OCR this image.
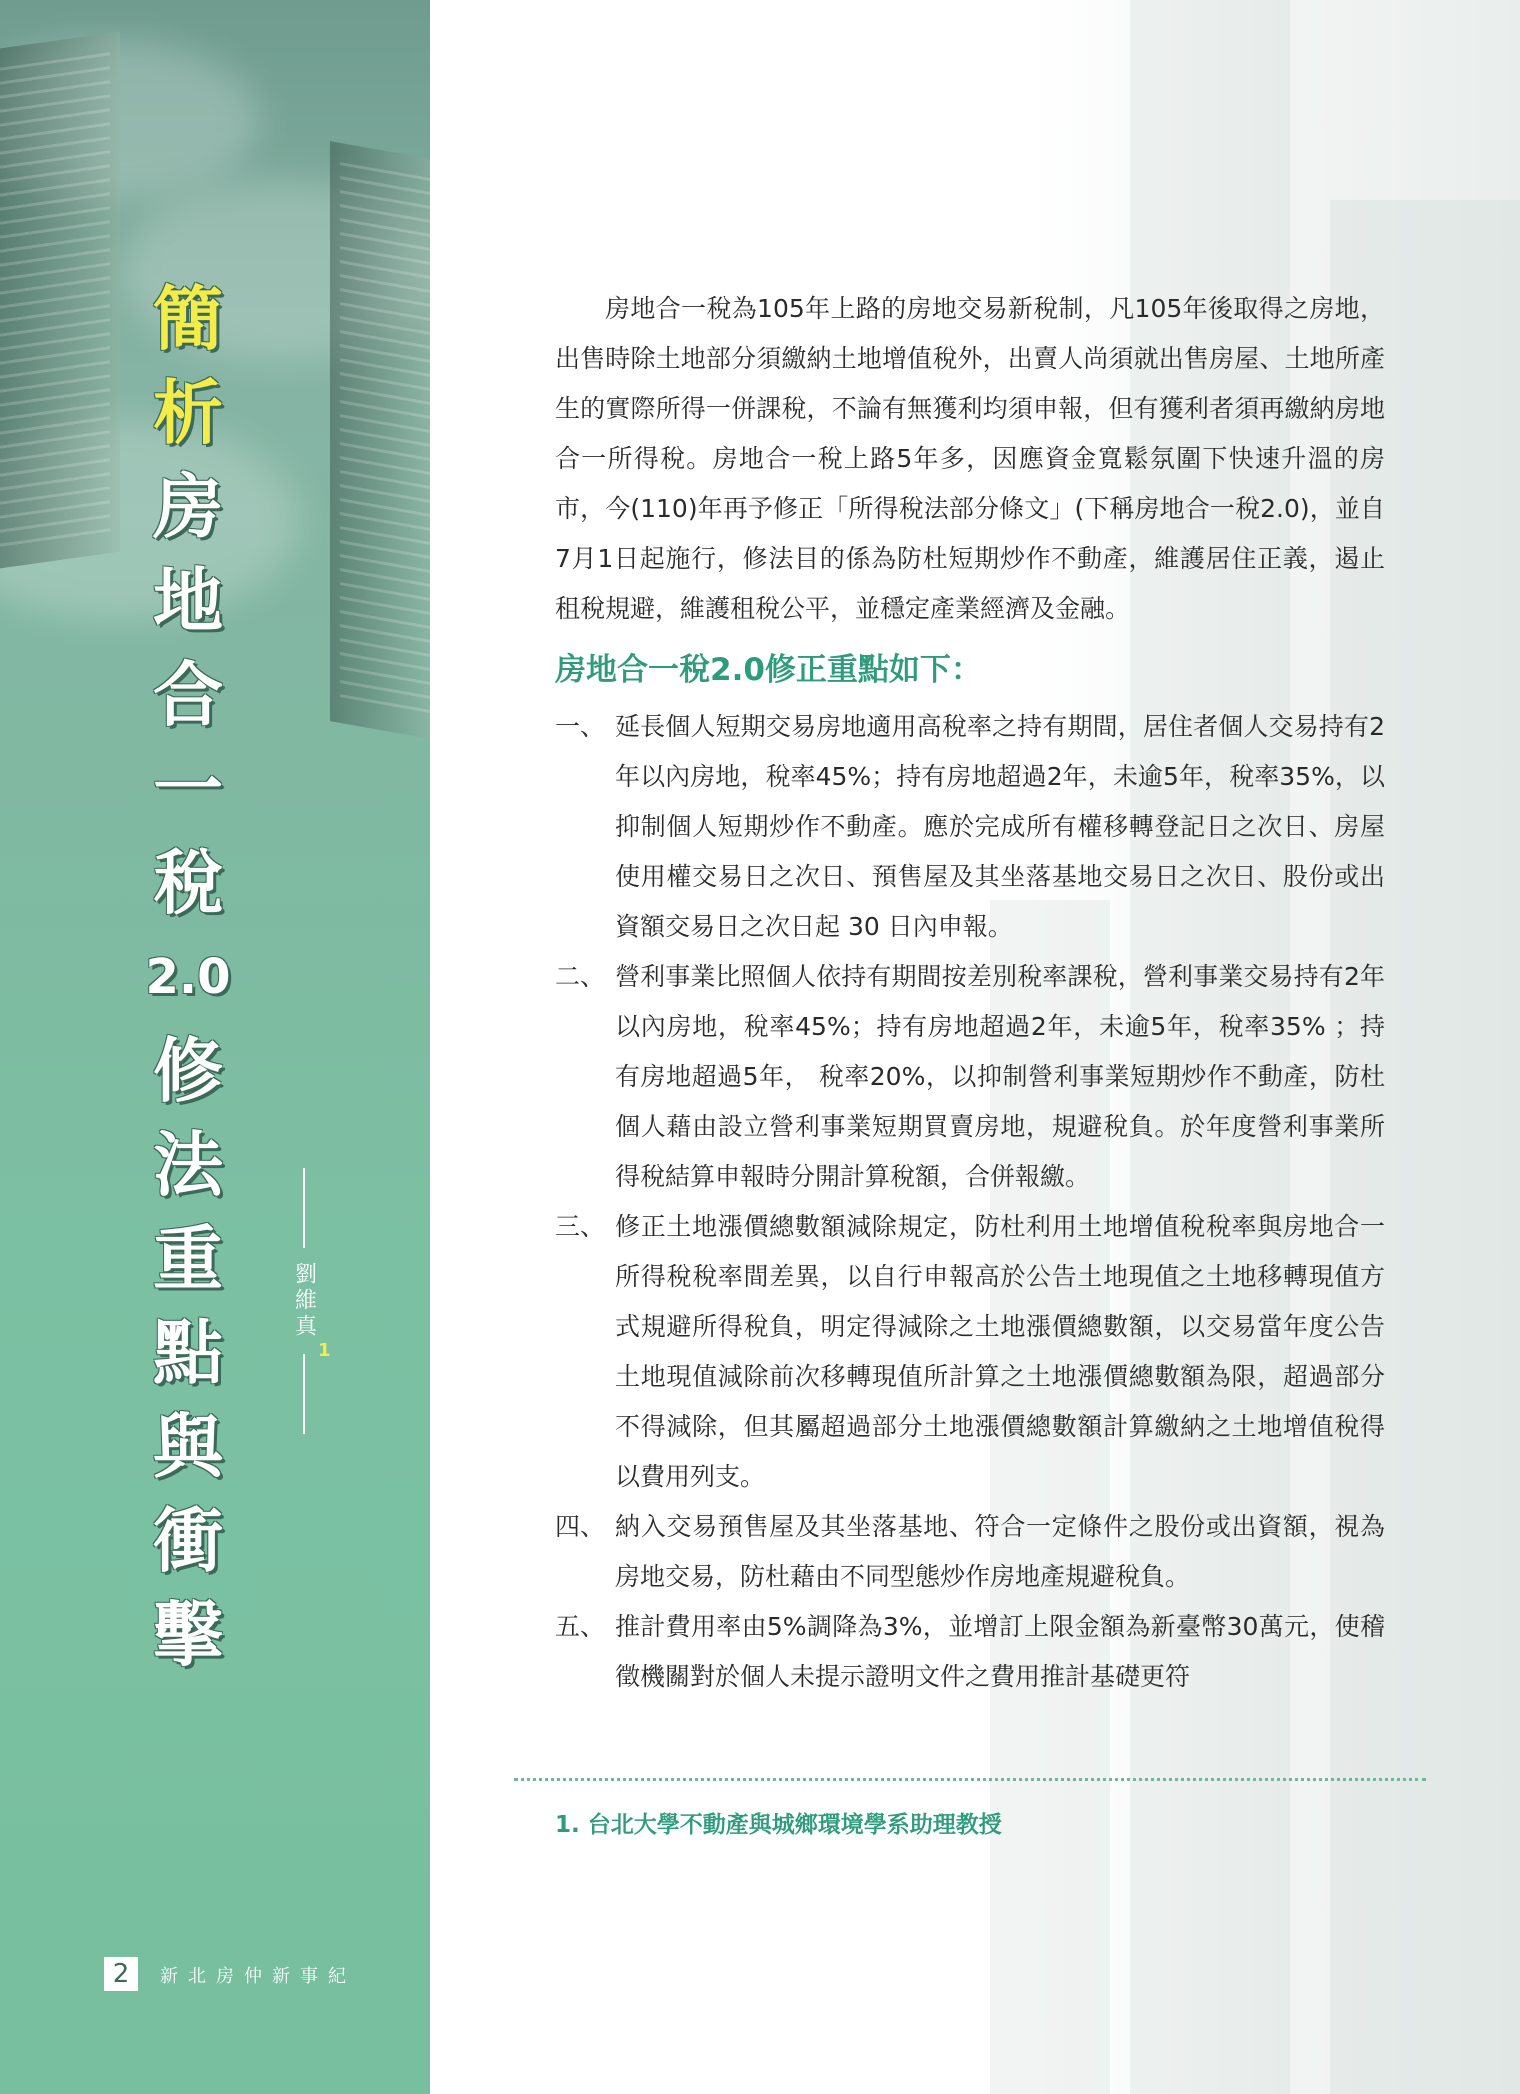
簡
析
房
地
合
一
稅
2.0
修
法
重
點
與
衝
擊
劉維真
1
2	新北房仲新事紀

房地合一稅為105年上路的房地交易新稅制，凡105年後取得之房地，出售時除土地部分須繳納土地增值稅外，出賣人尚須就出售房屋、土地所產生的實際所得一併課稅，不論有無獲利均須申報，但有獲利者須再繳納房地合一所得稅。房地合一稅上路5年多，因應資金寬鬆氛圍下快速升溫的房市，今(110)年再予修正「所得稅法部分條文」(下稱房地合一稅2.0)，並自7月1日起施行，修法目的係為防杜短期炒作不動產，維護居住正義，遏止租稅規避，維護租稅公平，並穩定產業經濟及金融。

房地合一稅2.0修正重點如下：
一、 延長個人短期交易房地適用高稅率之持有期間，居住者個人交易持有2年以內房地，稅率45%；持有房地超過2年，未逾5年，稅率35%，以抑制個人短期炒作不動產。應於完成所有權移轉登記日之次日、房屋使用權交易日之次日、預售屋及其坐落基地交易日之次日、股份或出資額交易日之次日起 30 日內申報。
二、 營利事業比照個人依持有期間按差別稅率課稅，營利事業交易持有2年以內房地，稅率45%；持有房地超過2年，未逾5年，稅率35% ；持有房地超過5年， 稅率20%，以抑制營利事業短期炒作不動產，防杜個人藉由設立營利事業短期買賣房地，規避稅負。於年度營利事業所得稅結算申報時分開計算稅額，合併報繳。
三、 修正土地漲價總數額減除規定，防杜利用土地增值稅稅率與房地合一所得稅稅率間差異，以自行申報高於公告土地現值之土地移轉現值方式規避所得稅負，明定得減除之土地漲價總數額，以交易當年度公告土地現值減除前次移轉現值所計算之土地漲價總數額為限，超過部分不得減除，但其屬超過部分土地漲價總數額計算繳納之土地增值稅得以費用列支。
四、 納入交易預售屋及其坐落基地、符合一定條件之股份或出資額，視為房地交易，防杜藉由不同型態炒作房地產規避稅負。
五、 推計費用率由5%調降為3%，並增訂上限金額為新臺幣30萬元，使稽徵機關對於個人未提示證明文件之費用推計基礎更符
1. 台北大學不動產與城鄉環境學系助理教授
